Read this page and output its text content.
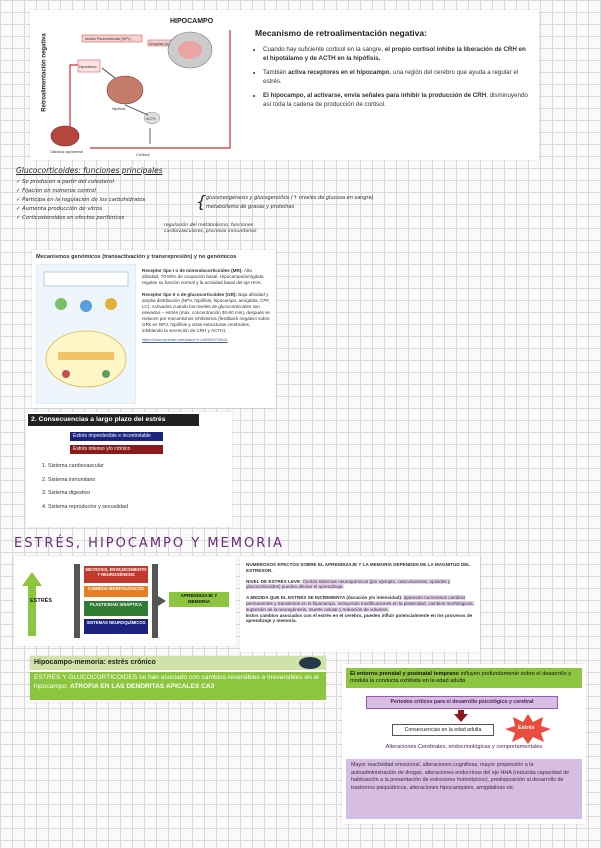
Retroalimentación negativa
HIPOCAMPO
Cortisol
Núcleo Paraventricular (NPV)
Amígdala (A)
Hipotálamo
Hipófisis
ACTH
Glándula suprarrenal
Mecanismo de retroalimentación negativa:
• Cuando hay suficiente cortisol en la sangre, el propio cortisol inhibe la liberación de CRH en el hipotálamo y de ACTH en la hipófisis.
• También activa receptores en el hipocampo, una región del cerebro que ayuda a regular el estrés.
• El hipocampo, al activarse, envía señales para inhibir la producción de CRH, disminuyendo así toda la cadena de producción de cortisol.
Glucocorticoides: funciones principales
✓ Se producen a partir del colesterol
✓ Fijación en numeros control
✓ Participa en la regulación de los carbohidratos
✓ Aumenta producción de vitros
✓ Corticosteroides en efectos periféricos
{ gluconeogénesis y glucogenólisis (↑ niveles de glucosa en sangre)
metabolismo de grasas y proteínas
regulación del metabolismo, funciones cardiovasculares, procesos inmunitarios
Mecanismos genómicos (transactivación y transrepresión) y no genómicos
Receptor tipo I o de mineralocorticoides (MR): Alta afinidad, 70-80% de ocupación basal. Hipocampo/amígdala, regulan su función normal y la actividad basal del eje HHA.
Receptor tipo II o de glucocorticoides (GR): Baja afinidad y amplia distribución (NPV, hipófisis, hipocampo, amígdala, CPF, LC). Activados cuando los niveles de glucocorticoides son elevados – estrés (máx. concentración 30-60 min), después se reducen por mecanismos inhibitorios (feedback negativo sobre GRs en NPV, hipófisis y otras estructuras cerebrales, inhibiendo la secreción de CRH y ACTH).
https://www.youtube.com/watch?v=nWWhYFhEo4I
2. Consecuencias a largo plazo del estrés
Estrés impredecible e incontrolable
Estrés intenso y/o crónico
1. Sistema cardiovascular
2. Sistema inmunitario
3. Sistema digestivo
4. Sistema reproductor y sexualidad
ESTRÉS, HIPOCAMPO Y MEMORIA
ESTRÉS
NECROSIS, ENVEJECIMIENTO Y NEUROGÉNESIS
CAMBIOS MORFOLÓGICOS
PLASTICIDAD SINÁPTICA
SISTEMAS NEUROQUÍMICOS
APRENDIZAJE Y MEMORIA
NUMEROSOS EFECTOS SOBRE EL APRENDIZAJE Y LA MEMORIA DEPENDEN DE LA MAGNITUD DEL ESTRESOR.
NIVEL DE ESTRÉS LEVE: Ciertos sistemas neuroquímicos (por ejemplo, catecolaminas, opioides y glucocorticoides) pueden afectar el aprendizaje.
A MEDIDA QUE EL ESTRÉS SE INCREMENTA (duración y/o intensidad): aparecen numerosos cambios permanentes y transitorios en el hipocampo, incluyendo modificaciones en la plasticidad, cambios morfológicos, supresión de la neurogénesis, muerte celular y reducción de volumen.
Estos cambios asociados con el estrés en el cerebro, pueden influir potencialmente en los procesos de aprendizaje y memoria.
Hipocampo-memoria: estrés crónico
ESTRÉS Y GLUCOCORTICOIDES se han asociado con cambios reversibles e irreversibles en el hipocampo: ATROFIA EN LAS DENDRITAS APICALES CA3
El entorno prenatal y postnatal temprano influyen profundamente sobre el desarrollo y modula la conducta exhibida en la edad adulta
Periodos críticos para el desarrollo psicológico y cerebral
Consecuencias en la edad adulta	Estrés
Alteraciones Cerebrales, endocrinológicas y comportamentales
Mayor reactividad emocional, alteraciones cognitivas, mayor propensión a la autoadministración de drogas, alteraciones endocrinas del eje HHA (reducida capacidad de habituación a la presentación de estresores homotípicos), predisposición al desarrollo de trastornos psiquiátricos, alteraciones hipocampales, amigdalinas etc
